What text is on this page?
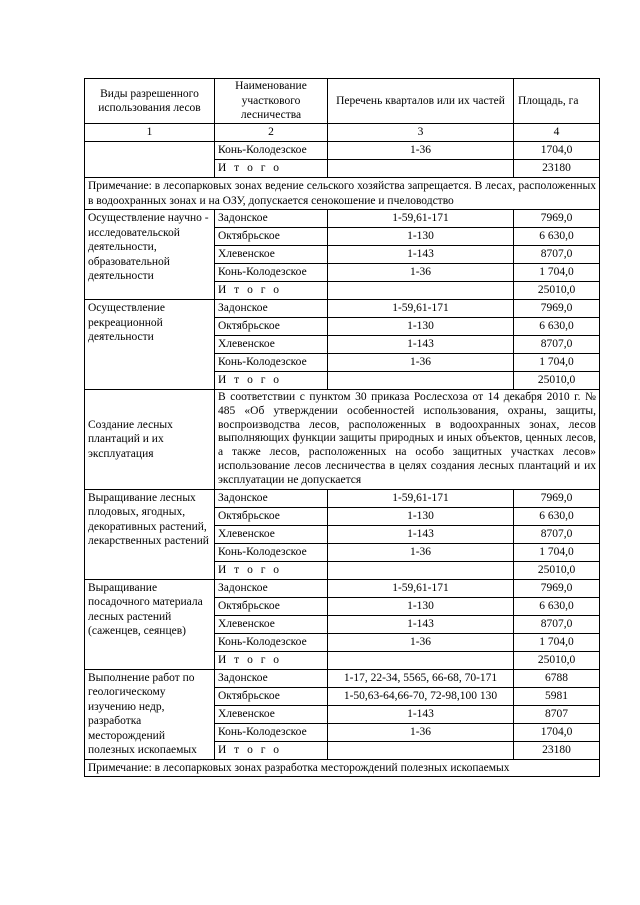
Виды разрешенного использования лесов	Наименование участкового лесничества	Перечень кварталов или их частей	Площадь, га
1	2	3	4
	Конь-Колодезское	1-36	1704,0
	И т о г о		23180
Примечание: в лесопарковых зонах ведение сельского хозяйства запрещается. В лесах, расположенных в водоохранных зонах и на ОЗУ, допускается сенокошение и пчеловодство			
Осуществление научно - исследовательской деятельности, образовательной деятельности	Задонское	1-59,61-171	7969,0
	Октябрьское	1-130	6 630,0
	Хлевенское	1-143	8707,0
	Конь-Колодезское	1-36	1 704,0
	И т о г о		25010,0
Осуществление рекреационной деятельности	Задонское	1-59,61-171	7969,0
	Октябрьское	1-130	6 630,0
	Хлевенское	1-143	8707,0
	Конь-Колодезское	1-36	1 704,0
	И т о г о		25010,0
Создание лесных плантаций и их эксплуатация	В соответствии с пунктом 30 приказа Рослесхоза от 14 декабря 2010 г. № 485 «Об утверждении особенностей использования, охраны, защиты, воспроизводства лесов, расположенных в водоохранных зонах, лесов выполняющих функции защиты природных и иных объектов, ценных лесов, а также лесов, расположенных на особо защитных участках лесов» использование лесов лесничества в целях создания лесных плантаций и их эксплуатации не допускается		
Выращивание лесных плодовых, ягодных, декоративных растений, лекарственных растений	Задонское	1-59,61-171	7969,0
	Октябрьское	1-130	6 630,0
	Хлевенское	1-143	8707,0
	Конь-Колодезское	1-36	1 704,0
	И т о г о		25010,0
Выращивание посадочного материала лесных растений (саженцев, сеянцев)	Задонское	1-59,61-171	7969,0
	Октябрьское	1-130	6 630,0
	Хлевенское	1-143	8707,0
	Конь-Колодезское	1-36	1 704,0
	И т о г о		25010,0
Выполнение работ по геологическому изучению недр, разработка месторождений полезных ископаемых	Задонское	1-17, 22-34, 5565, 66-68, 70-171	6788
	Октябрьское	1-50,63-64,66-70, 72-98,100 130	5981
	Хлевенское	1-143	8707
	Конь-Колодезское	1-36	1704,0
	И т о г о		23180
Примечание: в лесопарковых зонах разработка месторождений полезных ископаемых			
